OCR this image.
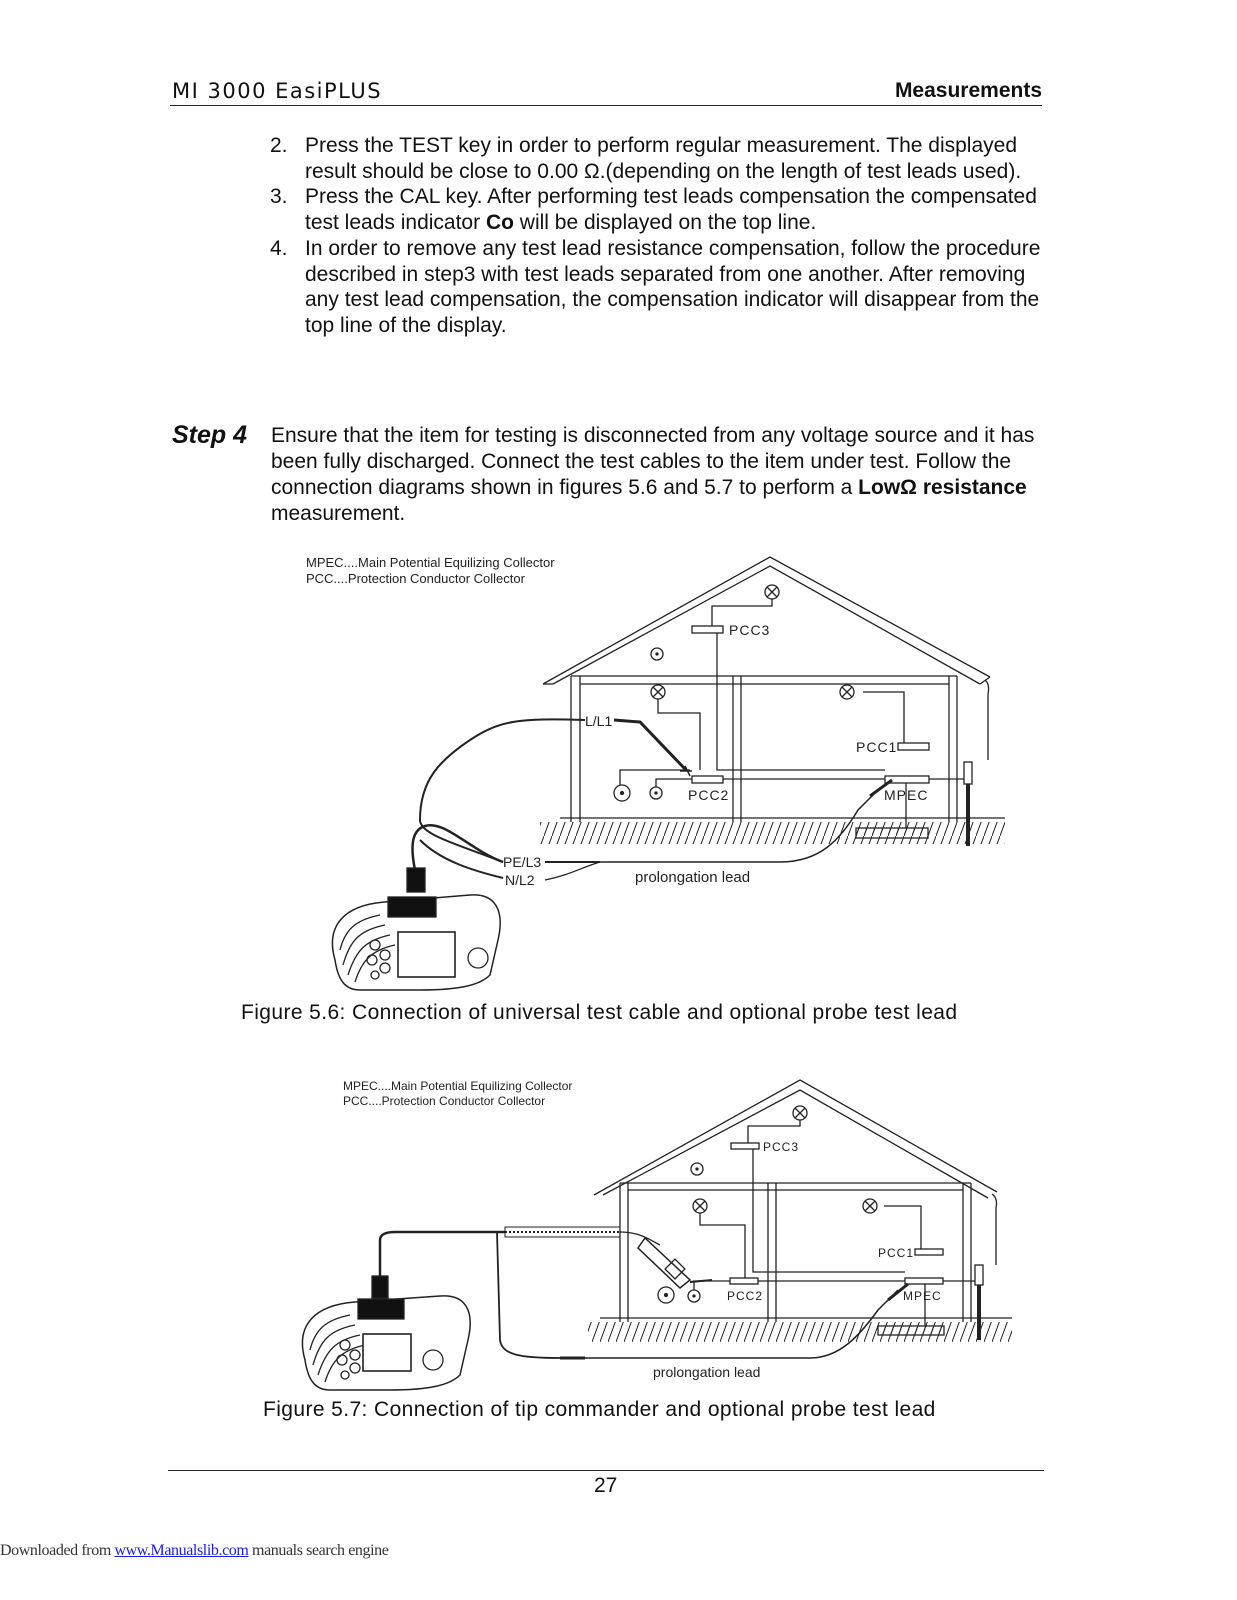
MI 3000 EasiPLUS	Measurements
2. Press the TEST key in order to perform regular measurement. The displayed result should be close to 0.00 Ω.(depending on the length of test leads used).
3. Press the CAL key. After performing test leads compensation the compensated test leads indicator Co will be displayed on the top line.
4. In order to remove any test lead resistance compensation, follow the procedure described in step3 with test leads separated from one another. After removing any test lead compensation, the compensation indicator will disappear from the top line of the display.
Step 4 Ensure that the item for testing is disconnected from any voltage source and it has been fully discharged. Connect the test cables to the item under test. Follow the connection diagrams shown in figures 5.6 and 5.7 to perform a LowΩ resistance measurement.
MPEC....Main Potential Equilizing Collector
PCC....Protection Conductor Collector
PCC3
PCC1
PCC2	MPEC
L/L1
PE/L3
N/L2	prolongation lead
Figure 5.6: Connection of universal test cable and optional probe test lead
MPEC....Main Potential Equilizing Collector
PCC....Protection Conductor Collector
PCC3
PCC1
PCC2	MPEC
prolongation lead
Figure 5.7: Connection of tip commander and optional probe test lead
27
Downloaded from www.Manualslib.com manuals search engine
